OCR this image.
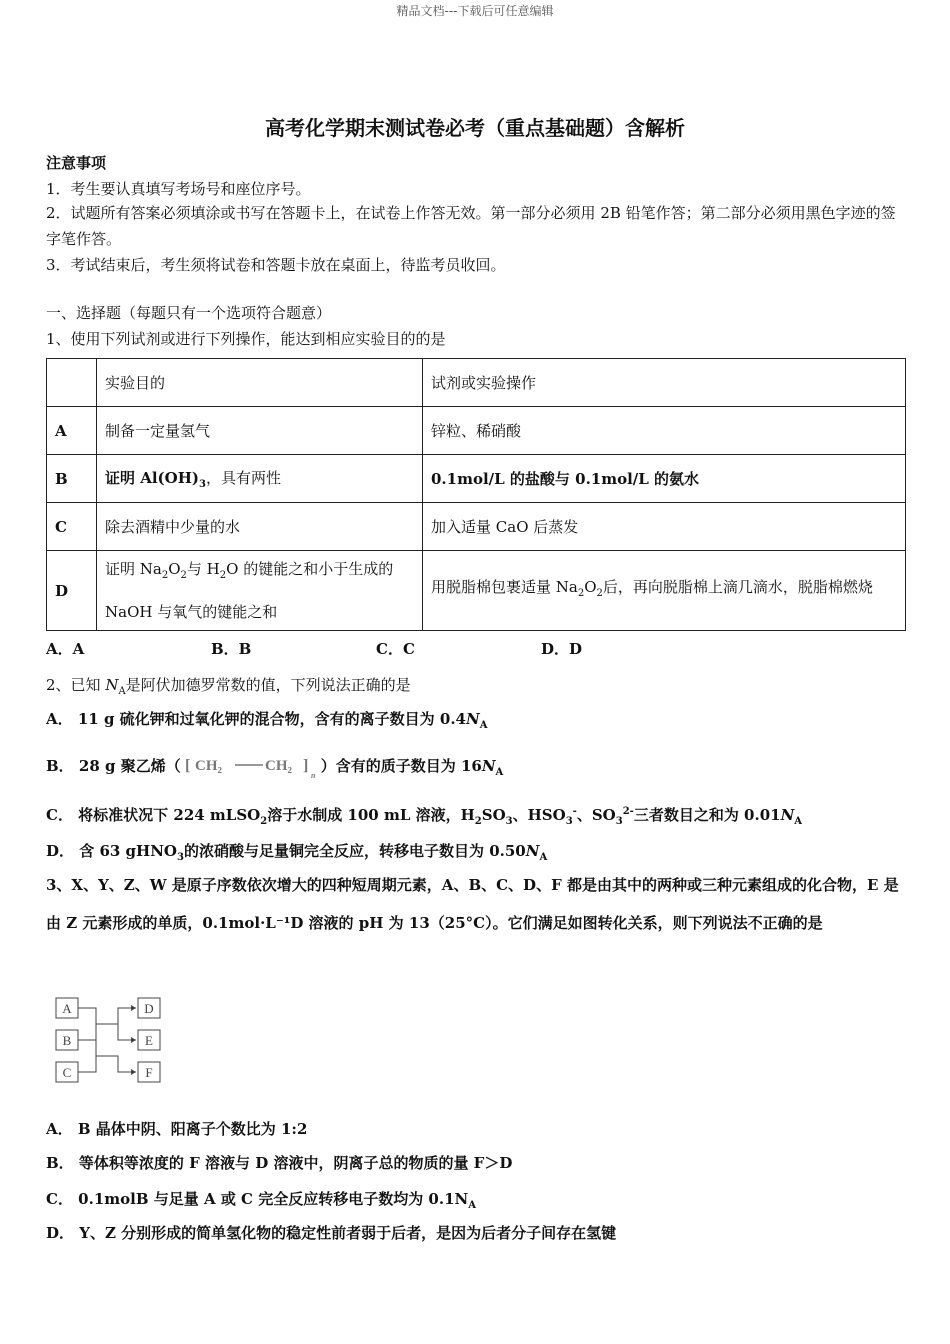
精品文档---下载后可任意编辑
高考化学期末测试卷必考（重点基础题）含解析
注意事项
1．考生要认真填写考场号和座位序号。
2．试题所有答案必须填涂或书写在答题卡上，在试卷上作答无效。第一部分必须用 2B 铅笔作答；第二部分必须用黑色字迹的签字笔作答。
3．考试结束后，考生须将试卷和答题卡放在桌面上，待监考员收回。
一、选择题（每题只有一个选项符合题意）
1、使用下列试剂或进行下列操作，能达到相应实验目的的是
	实验目的	试剂或实验操作
A	制备一定量氢气	锌粒、稀硝酸
B	证明 $Al(OH)_3$，具有两性	0.1mol/L 的盐酸与 0.1mol/L 的氨水
C	除去酒精中少量的水	加入适量 CaO 后蒸发
D	证明 $Na_2O_2$与 $H_2O$ 的键能之和小于生成的 NaOH 与氧气的键能之和	用脱脂棉包裹适量 $Na_2O_2$后，再向脱脂棉上滴几滴水，脱脂棉燃烧
A．A	B．B	C．C	D．D
2、已知 $N_A$是阿伏加德罗常数的值，下列说法正确的是
A． 11 g 硫化钾和过氧化钾的混合物，含有的离子数目为 $0.4N_A$
B． 28 g 聚乙烯（ [ CH₂	CH₂ ]
n
）含有的质子数目为 $16N_A$
C． 将标准状况下 224 mLSO$_2$溶于水制成 100 mL 溶液，$H_2SO_3$、$HSO_3^-$、$SO_3^{2-}$三者数目之和为 $0.01N_A$
D． 含 63 gHNO$_3$的浓硝酸与足量铜完全反应，转移电子数目为 $0.50N_A$
3、X、Y、Z、W 是原子序数依次增大的四种短周期元素，A、B、C、D、F 都是由其中的两种或三种元素组成的化合物，E 是由 Z 元素形成的单质，0.1mol·L⁻¹D 溶液的 pH 为 13（25°C）。它们满足如图转化关系，则下列说法不正确的是
A
B
C
D
E
F
A． B 晶体中阴、阳离子个数比为 1:2
B． 等体积等浓度的 F 溶液与 D 溶液中，阴离子总的物质的量 F＞D
C． 0.1molB 与足量 A 或 C 完全反应转移电子数均为 $0.1N_A$
D． Y、Z 分别形成的简单氢化物的稳定性前者弱于后者，是因为后者分子间存在氢键
